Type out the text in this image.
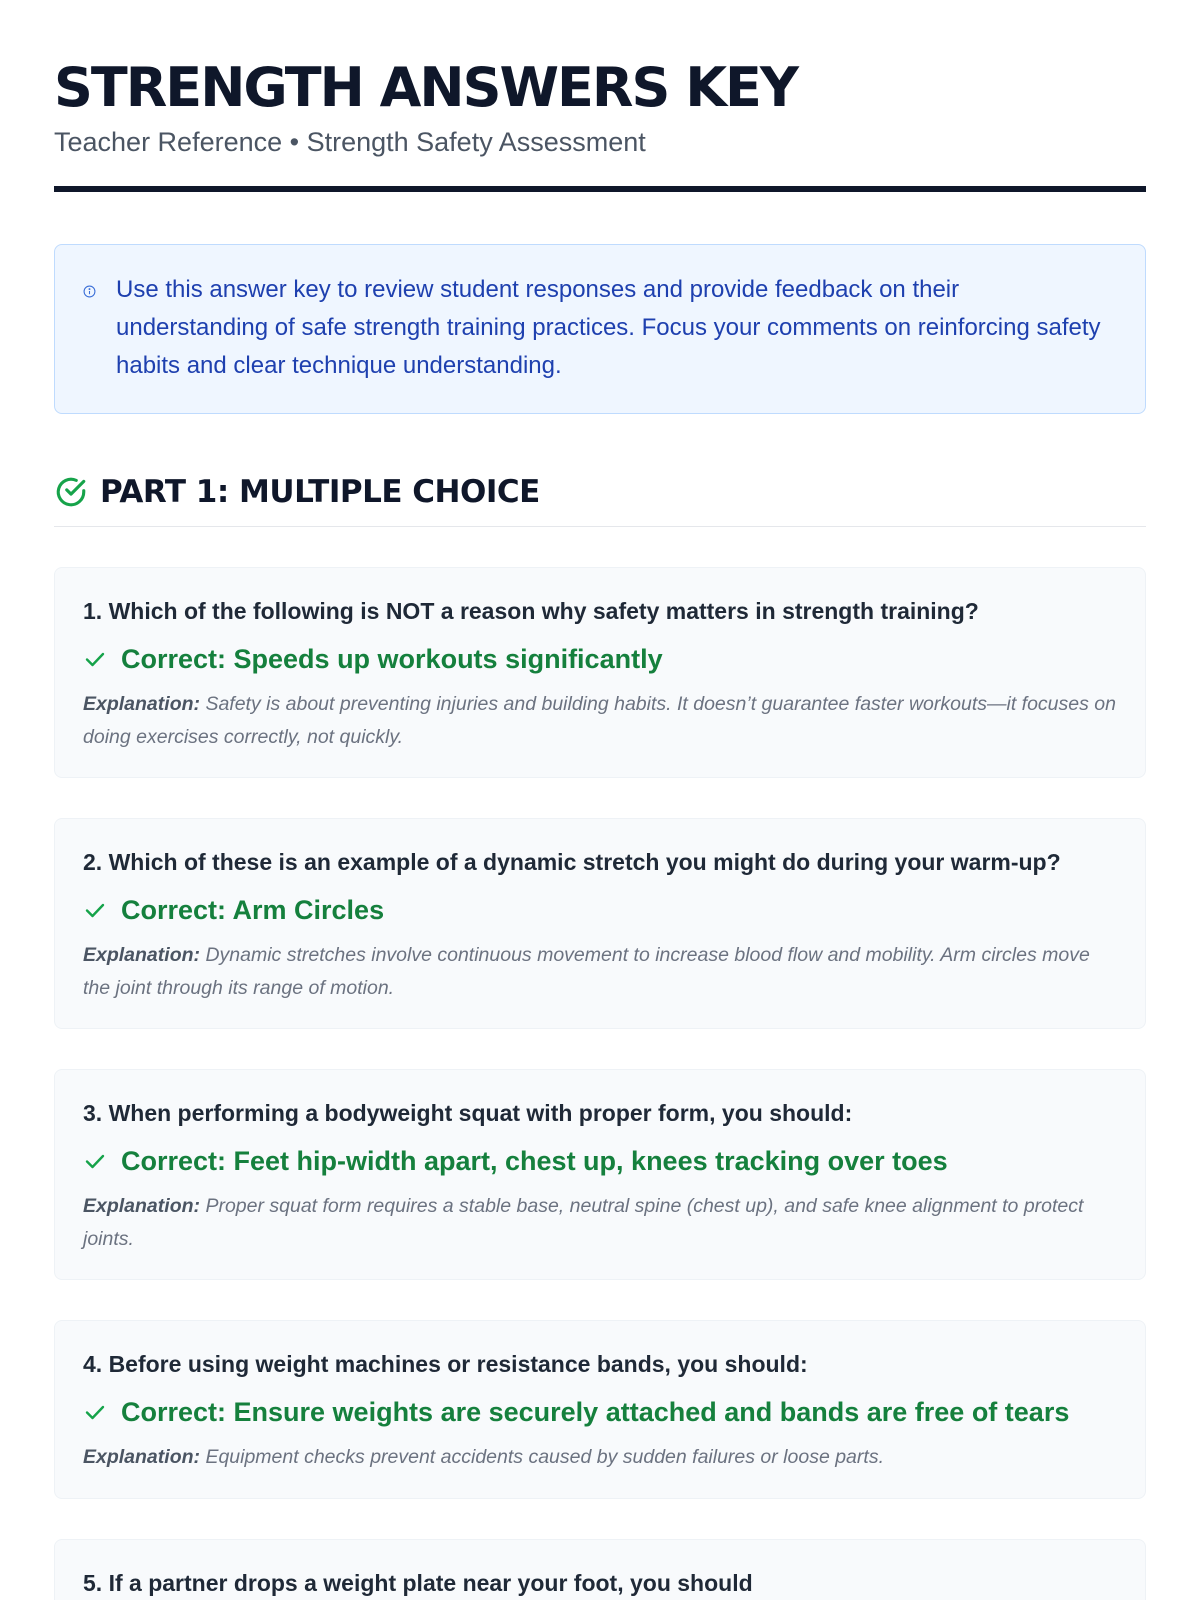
STRENGTH ANSWERS KEY
Teacher Reference • Strength Safety Assessment
Use this answer key to review student responses and provide feedback on their understanding of safe strength training practices. Focus your comments on reinforcing safety habits and clear technique understanding.
PART 1: MULTIPLE CHOICE
1. Which of the following is NOT a reason why safety matters in strength training?
Correct: Speeds up workouts significantly
Explanation: Safety is about preventing injuries and building habits. It doesn’t guarantee faster workouts—it focuses on doing exercises correctly, not quickly.
2. Which of these is an example of a dynamic stretch you might do during your warm-up?
Correct: Arm Circles
Explanation: Dynamic stretches involve continuous movement to increase blood flow and mobility. Arm circles move the joint through its range of motion.
3. When performing a bodyweight squat with proper form, you should:
Correct: Feet hip-width apart, chest up, knees tracking over toes
Explanation: Proper squat form requires a stable base, neutral spine (chest up), and safe knee alignment to protect joints.
4. Before using weight machines or resistance bands, you should:
Correct: Ensure weights are securely attached and bands are free of tears
Explanation: Equipment checks prevent accidents caused by sudden failures or loose parts.
5. If a partner drops a weight plate near your foot, you should
